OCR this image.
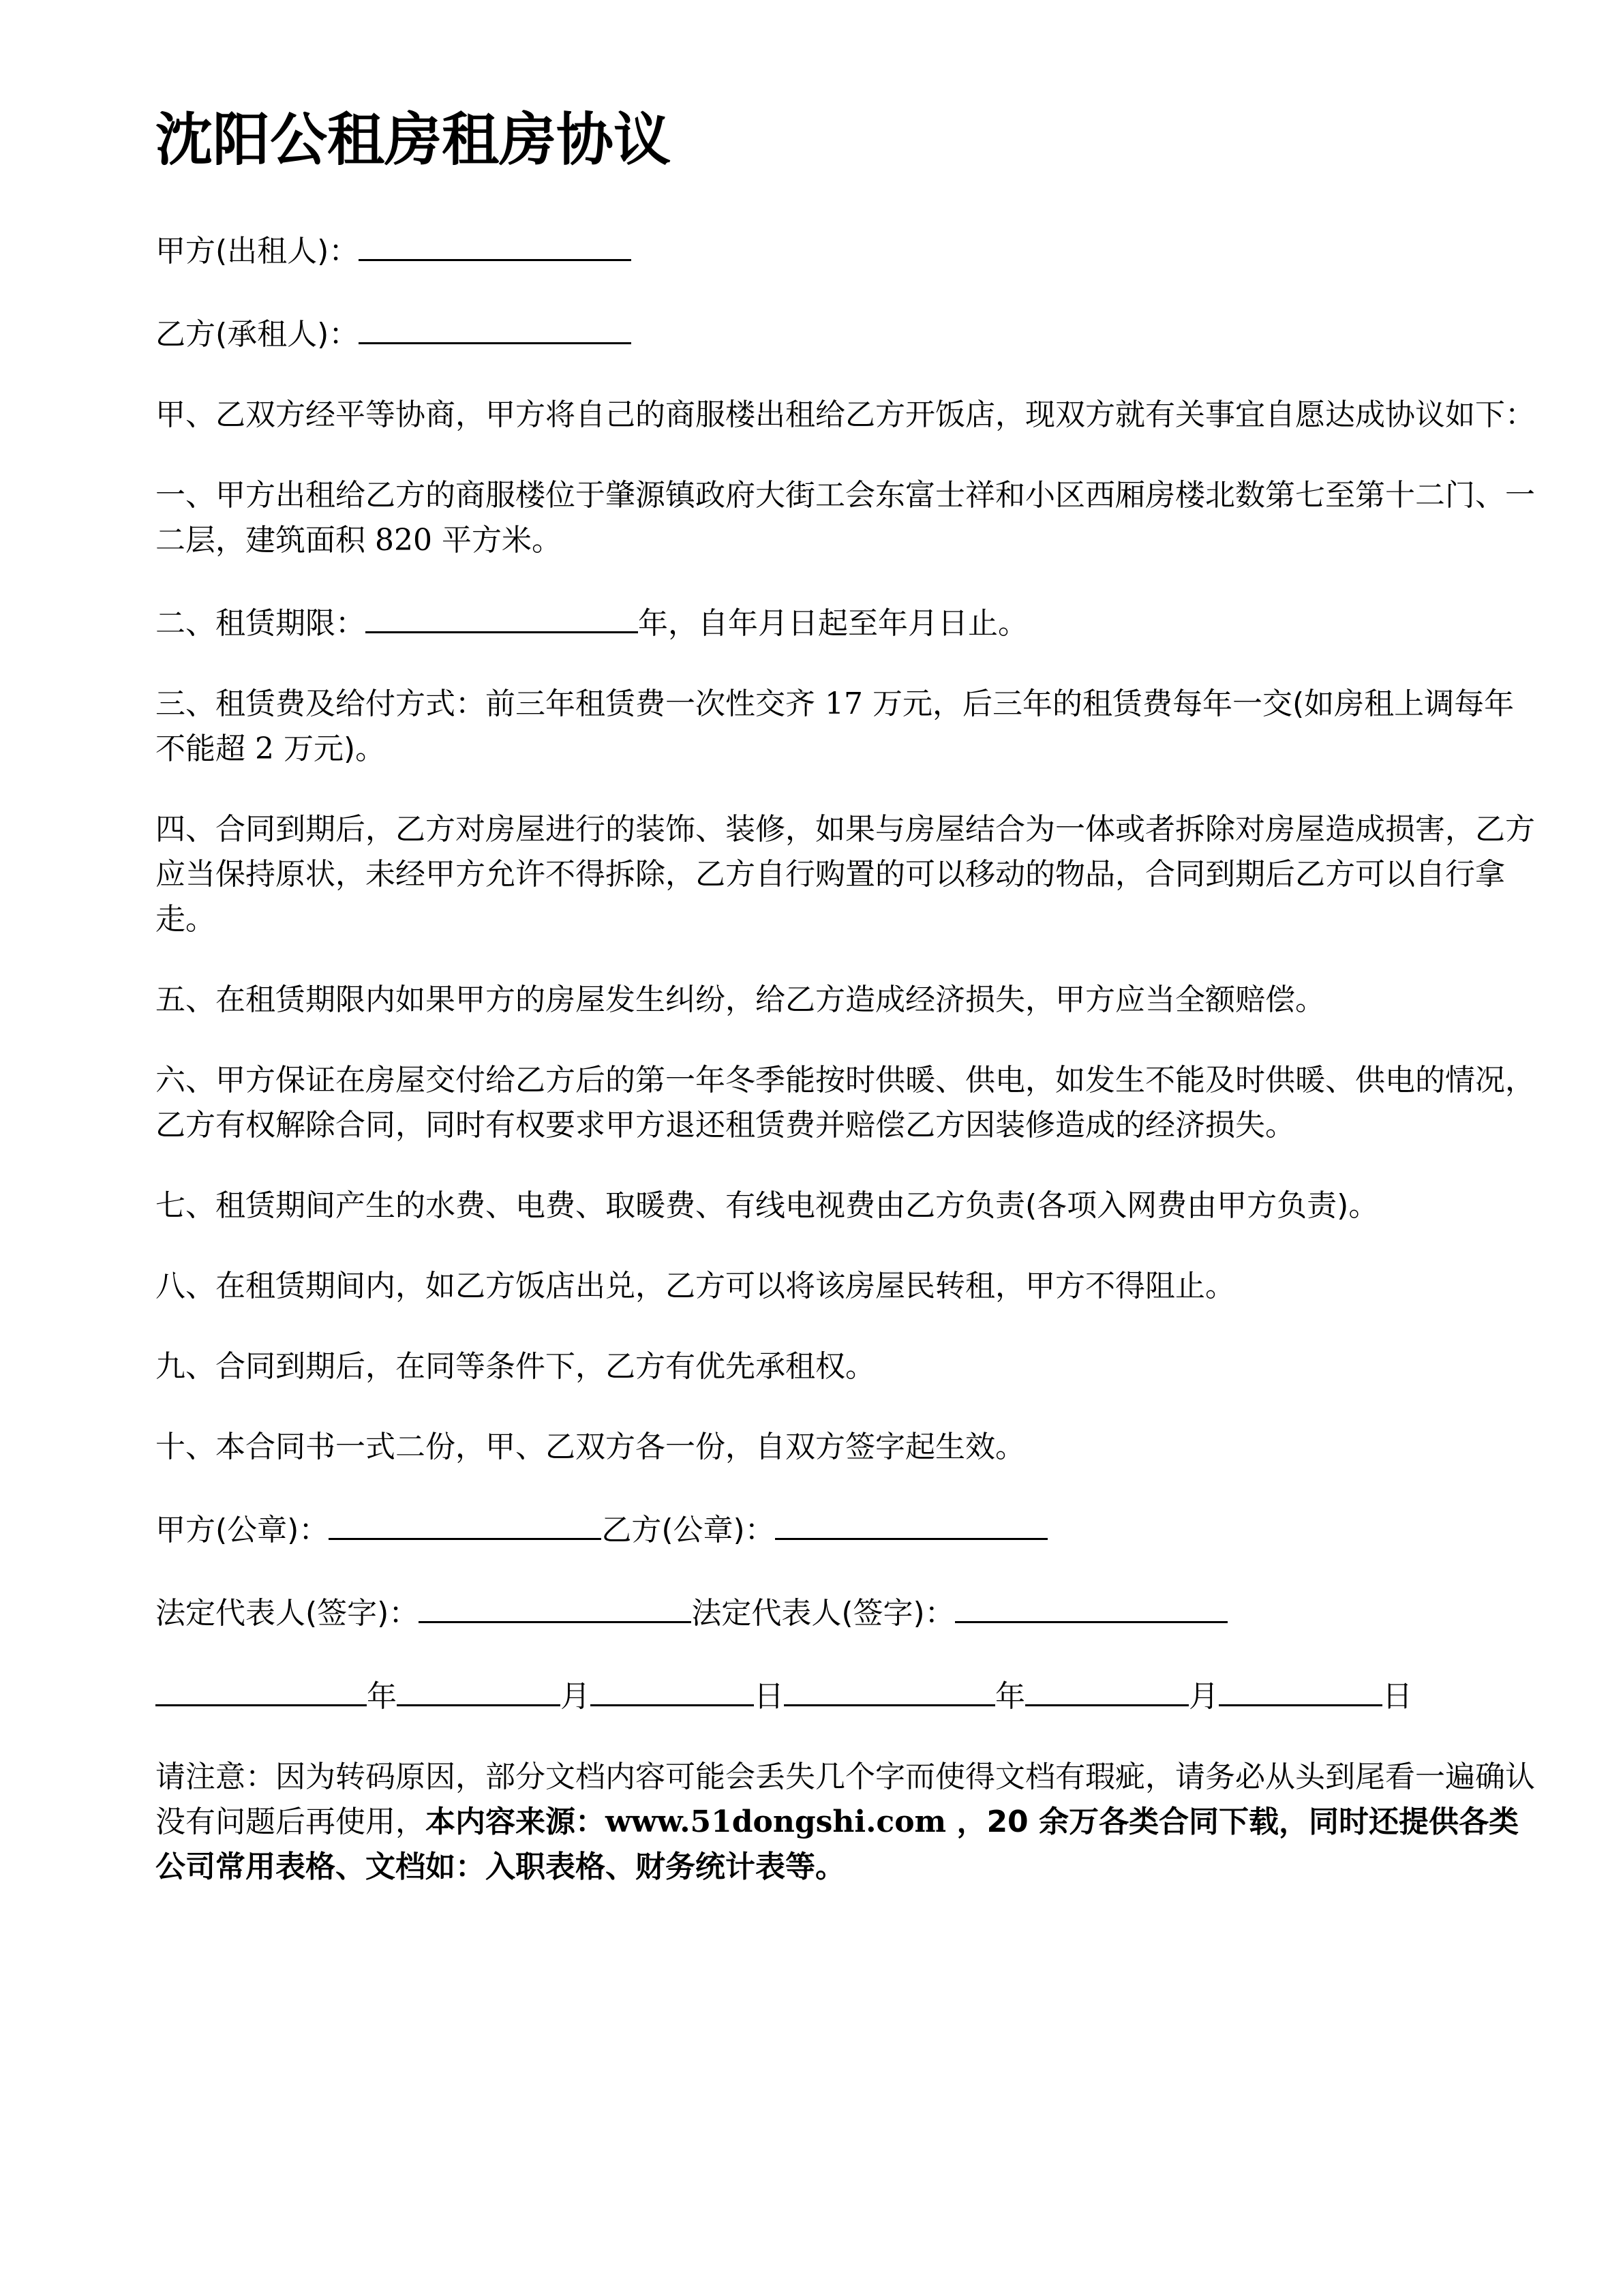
沈阳公租房租房协议
甲方(出租人)：
乙方(承租人)：
甲、乙双方经平等协商，甲方将自己的商服楼出租给乙方开饭店，现双方就有关事宜自愿达成协议如下：
一、甲方出租给乙方的商服楼位于肇源镇政府大街工会东富士祥和小区西厢房楼北数第七至第十二门、一二层，建筑面积 820 平方米。
二、租赁期限：	年，自年月日起至年月日止。
三、租赁费及给付方式：前三年租赁费一次性交齐 17 万元，后三年的租赁费每年一交(如房租上调每年不能超 2 万元)。
四、合同到期后，乙方对房屋进行的装饰、装修，如果与房屋结合为一体或者拆除对房屋造成损害，乙方应当保持原状，未经甲方允许不得拆除，乙方自行购置的可以移动的物品，合同到期后乙方可以自行拿走。
五、在租赁期限内如果甲方的房屋发生纠纷，给乙方造成经济损失，甲方应当全额赔偿。
六、甲方保证在房屋交付给乙方后的第一年冬季能按时供暖、供电，如发生不能及时供暖、供电的情况，乙方有权解除合同，同时有权要求甲方退还租赁费并赔偿乙方因装修造成的经济损失。
七、租赁期间产生的水费、电费、取暖费、有线电视费由乙方负责(各项入网费由甲方负责)。
八、在租赁期间内，如乙方饭店出兑，乙方可以将该房屋民转租，甲方不得阻止。
九、合同到期后，在同等条件下，乙方有优先承租权。
十、本合同书一式二份，甲、乙双方各一份，自双方签字起生效。
甲方(公章)：	乙方(公章)：
法定代表人(签字)：	法定代表人(签字)：
年	月	日	年	月	日
请注意：因为转码原因，部分文档内容可能会丢失几个字而使得文档有瑕疵，请务必从头到尾看一遍确认没有问题后再使用，本内容来源：www.51dongshi.com ，20 余万各类合同下载，同时还提供各类公司常用表格、文档如：入职表格、财务统计表等。
